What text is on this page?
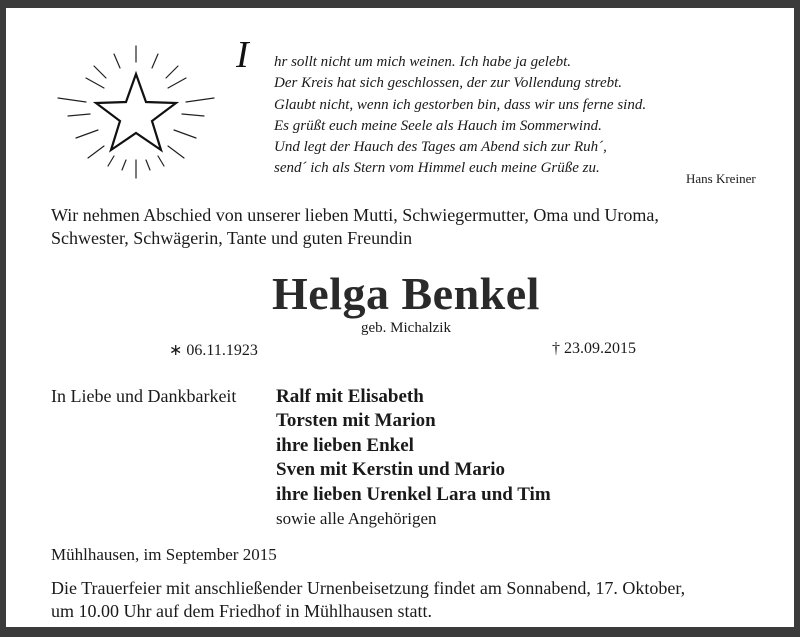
I hr sollt nicht um mich weinen. Ich habe ja gelebt.
Der Kreis hat sich geschlossen, der zur Vollendung strebt.
Glaubt nicht, wenn ich gestorben bin, dass wir uns ferne sind.
Es grüßt euch meine Seele als Hauch im Sommerwind.
Und legt der Hauch des Tages am Abend sich zur Ruh´,
send´ ich als Stern vom Himmel euch meine Grüße zu.
Hans Kreiner
Wir nehmen Abschied von unserer lieben Mutti, Schwiegermutter, Oma und Uroma,
Schwester, Schwägerin, Tante und guten Freundin
Helga Benkel
geb. Michalzik
∗ 06.11.1923	† 23.09.2015
In Liebe und Dankbarkeit Ralf mit Elisabeth
Torsten mit Marion
ihre lieben Enkel
Sven mit Kerstin und Mario
ihre lieben Urenkel Lara und Tim
sowie alle Angehörigen
Mühlhausen, im September 2015
Die Trauerfeier mit anschließender Urnenbeisetzung findet am Sonnabend, 17. Oktober,
um 10.00 Uhr auf dem Friedhof in Mühlhausen statt.
